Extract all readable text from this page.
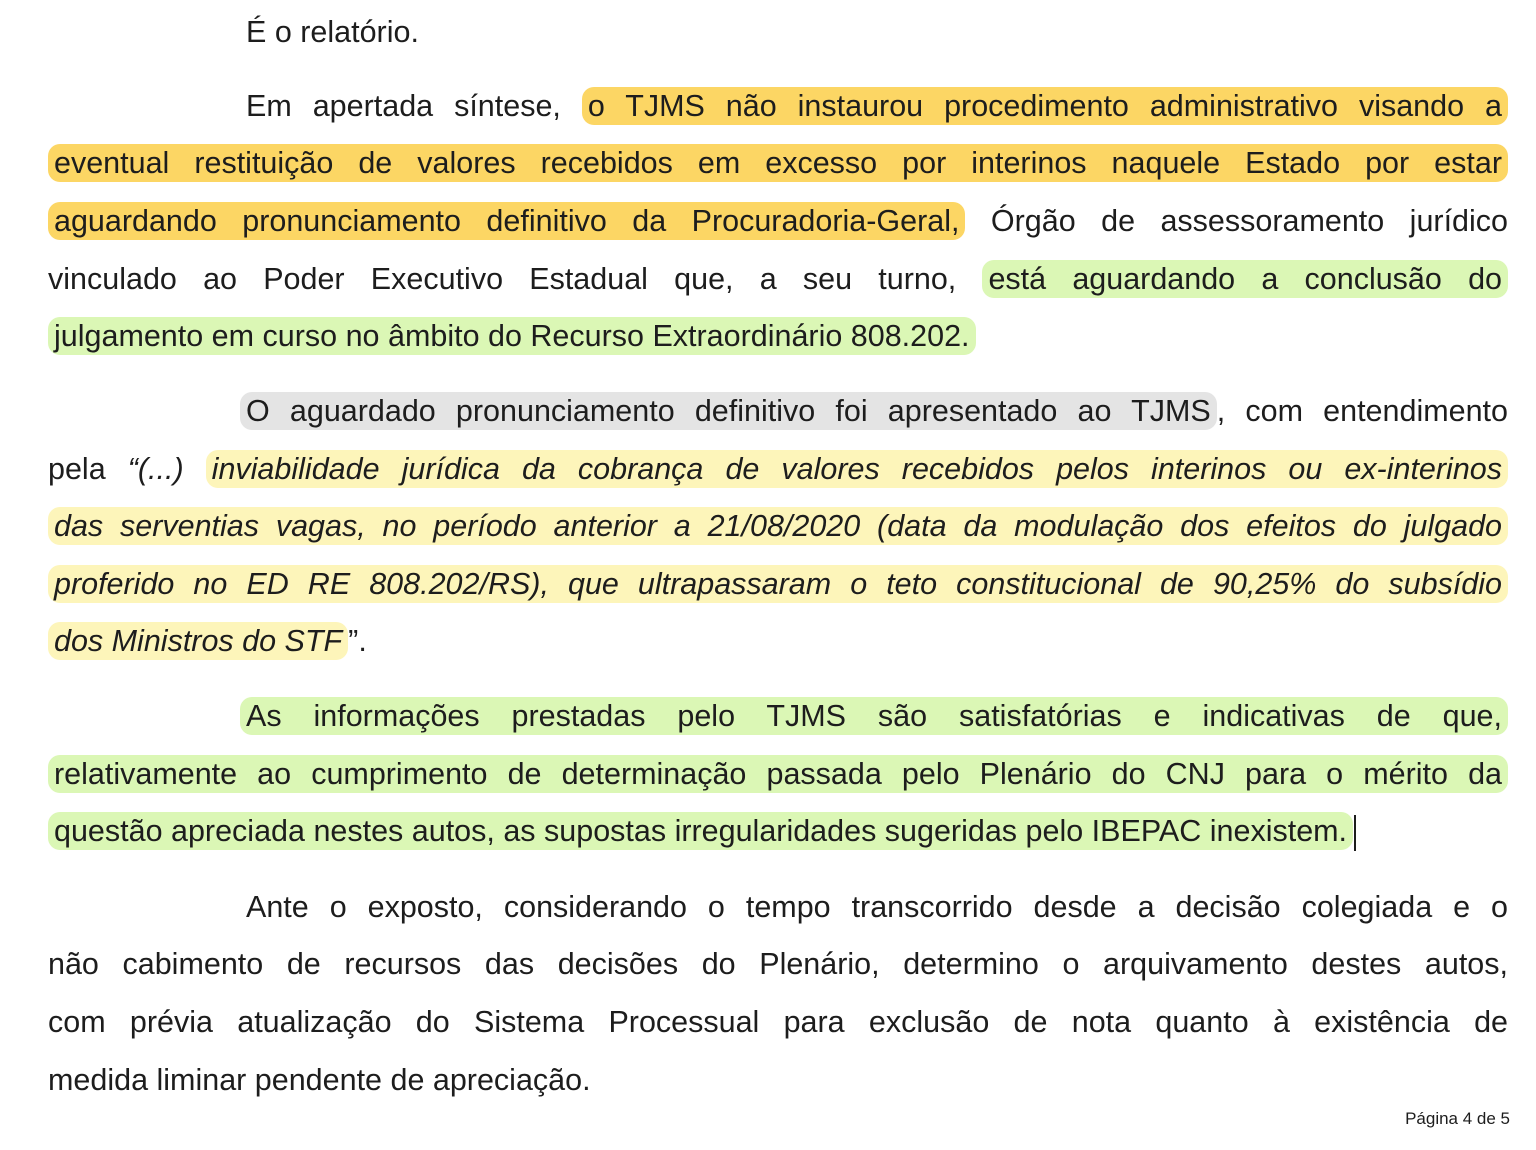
É o relatório.
Em apertada síntese, o TJMS não instaurou procedimento administrativo visando a
eventual restituição de valores recebidos em excesso por interinos naquele Estado por estar
aguardando pronunciamento definitivo da Procuradoria-Geral, Órgão de assessoramento jurídico
vinculado ao Poder Executivo Estadual que, a seu turno, está aguardando a conclusão do
julgamento em curso no âmbito do Recurso Extraordinário 808.202.
O aguardado pronunciamento definitivo foi apresentado ao TJMS , com entendimento
pela “(...) inviabilidade jurídica da cobrança de valores recebidos pelos interinos ou ex-interinos
das serventias vagas, no período anterior a 21/08/2020 (data da modulação dos efeitos do julgado
proferido no ED RE 808.202/RS), que ultrapassaram o teto constitucional de 90,25% do subsídio
dos Ministros do STF ”.
As informações prestadas pelo TJMS são satisfatórias e indicativas de que,
relativamente ao cumprimento de determinação passada pelo Plenário do CNJ para o mérito da
questão apreciada nestes autos, as supostas irregularidades sugeridas pelo IBEPAC inexistem.
Ante o exposto, considerando o tempo transcorrido desde a decisão colegiada e o
não cabimento de recursos das decisões do Plenário, determino o arquivamento destes autos,
com prévia atualização do Sistema Processual para exclusão de nota quanto à existência de
medida liminar pendente de apreciação.
Página 4 de 5
